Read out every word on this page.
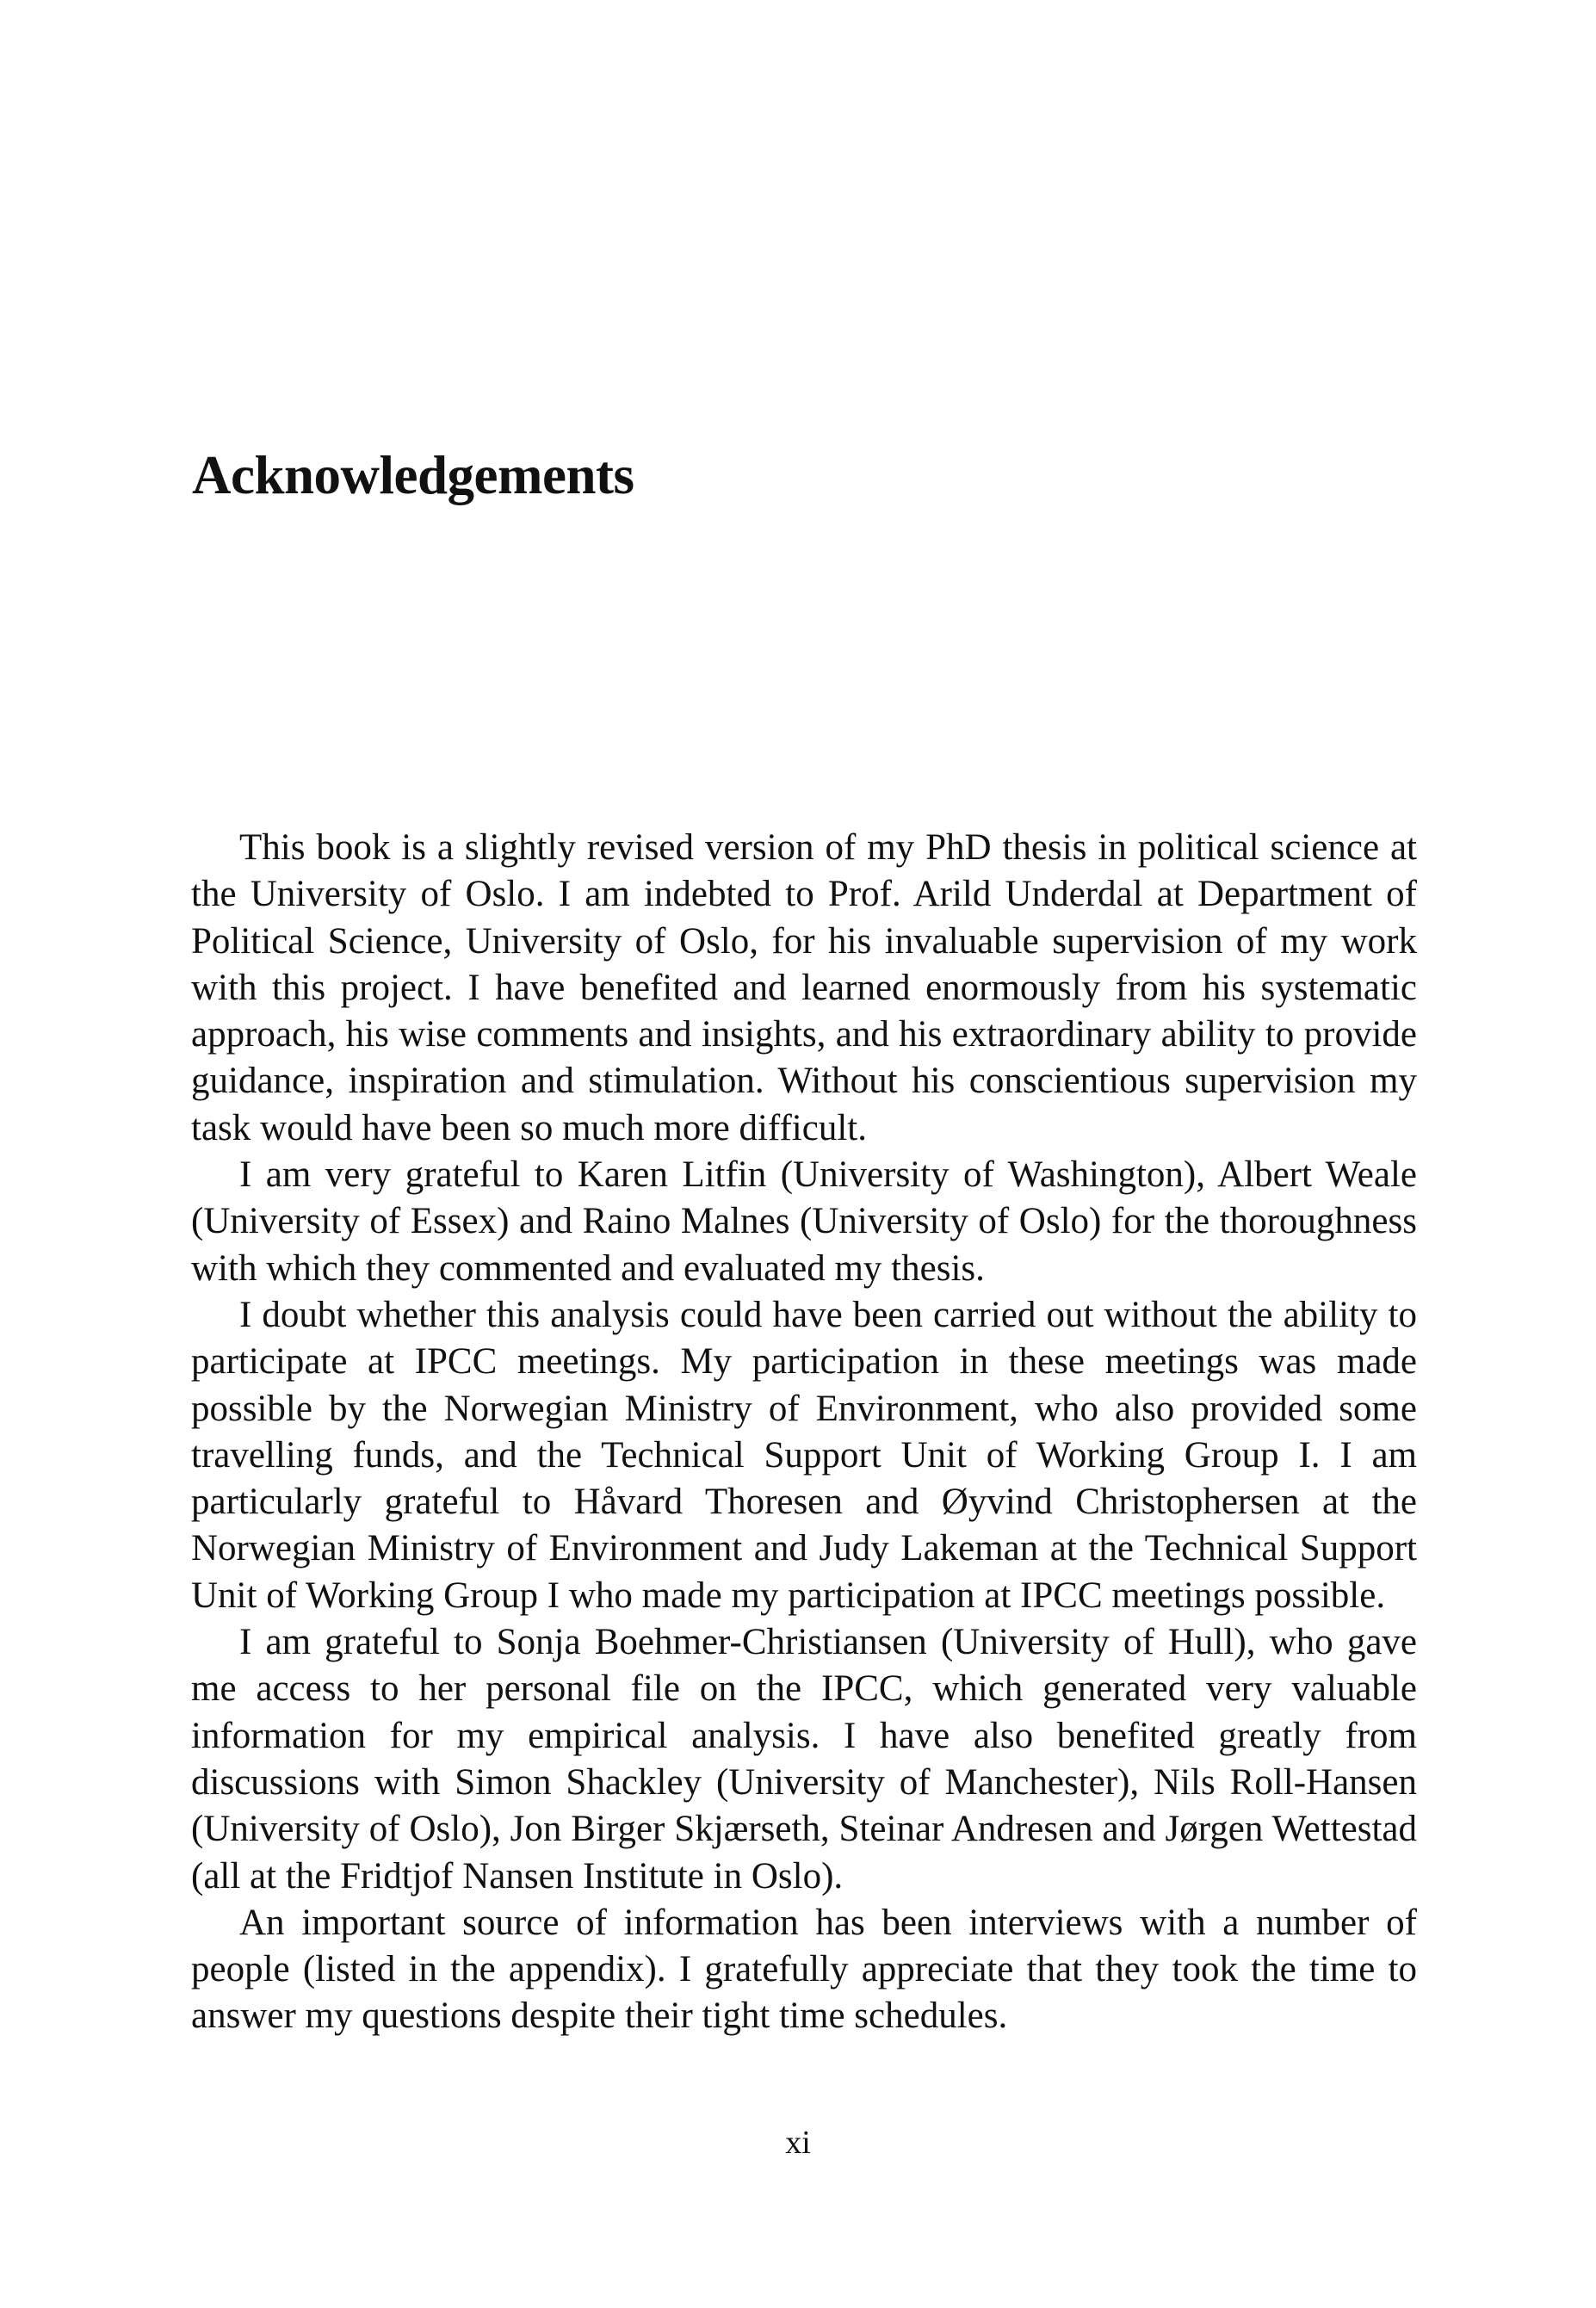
Acknowledgements

This book is a slightly revised version of my PhD thesis in political science at the University of Oslo. I am indebted to Prof. Arild Underdal at Department of Political Science, University of Oslo, for his invaluable supervision of my work with this project. I have benefited and learned enormously from his systematic approach, his wise comments and insights, and his extraordinary ability to provide guidance, inspiration and stimulation. Without his conscientious supervision my task would have been so much more difficult.

I am very grateful to Karen Litfin (University of Washington), Albert Weale (University of Essex) and Raino Malnes (University of Oslo) for the thoroughness with which they commented and evaluated my thesis.

I doubt whether this analysis could have been carried out without the ability to participate at IPCC meetings. My participation in these meetings was made possible by the Norwegian Ministry of Environment, who also provided some travelling funds, and the Technical Support Unit of Working Group I. I am particularly grateful to Håvard Thoresen and Øyvind Christophersen at the Norwegian Ministry of Environment and Judy Lakeman at the Technical Support Unit of Working Group I who made my participation at IPCC meetings possible.

I am grateful to Sonja Boehmer-Christiansen (University of Hull), who gave me access to her personal file on the IPCC, which generated very valuable information for my empirical analysis. I have also benefited greatly from discussions with Simon Shackley (University of Manchester), Nils Roll-Hansen (University of Oslo), Jon Birger Skjærseth, Steinar Andresen and Jørgen Wettestad (all at the Fridtjof Nansen Institute in Oslo).

An important source of information has been interviews with a number of people (listed in the appendix). I gratefully appreciate that they took the time to answer my questions despite their tight time schedules.

xi
